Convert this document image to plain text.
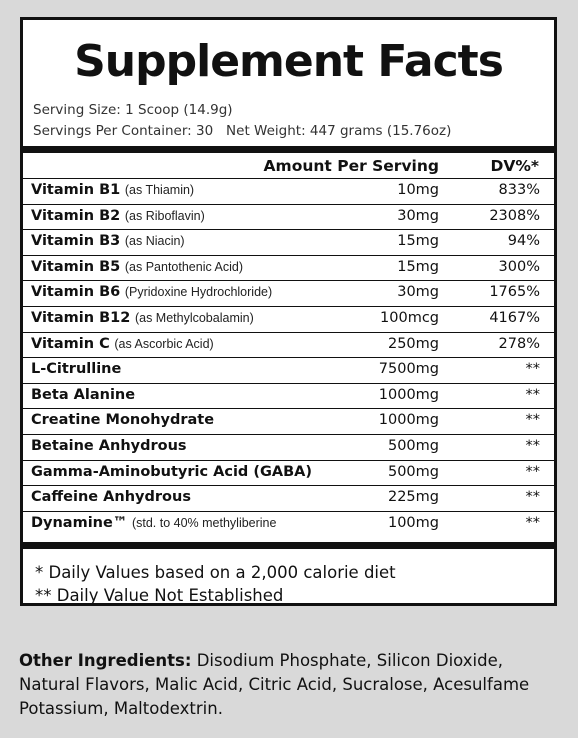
Supplement Facts
Serving Size: 1 Scoop (14.9g)
Servings Per Container: 30   Net Weight: 447 grams (15.76oz)
Amount Per Serving	DV%*
Vitamin B1 (as Thiamin)	10mg	833%
Vitamin B2 (as Riboflavin)	30mg	2308%
Vitamin B3 (as Niacin)	15mg	94%
Vitamin B5 (as Pantothenic Acid)	15mg	300%
Vitamin B6 (Pyridoxine Hydrochloride)	30mg	1765%
Vitamin B12 (as Methylcobalamin)	100mcg	4167%
Vitamin C (as Ascorbic Acid)	250mg	278%
L-Citrulline	7500mg	**
Beta Alanine	1000mg	**
Creatine Monohydrate	1000mg	**
Betaine Anhydrous	500mg	**
Gamma-Aminobutyric Acid (GABA)	500mg	**
Caffeine Anhydrous	225mg	**
Dynamine™ (std. to 40% methyliberine	100mg	**
* Daily Values based on a 2,000 calorie diet
** Daily Value Not Established
Other Ingredients: Disodium Phosphate, Silicon Dioxide, Natural Flavors, Malic Acid, Citric Acid, Sucralose, Acesulfame Potassium, Maltodextrin.
